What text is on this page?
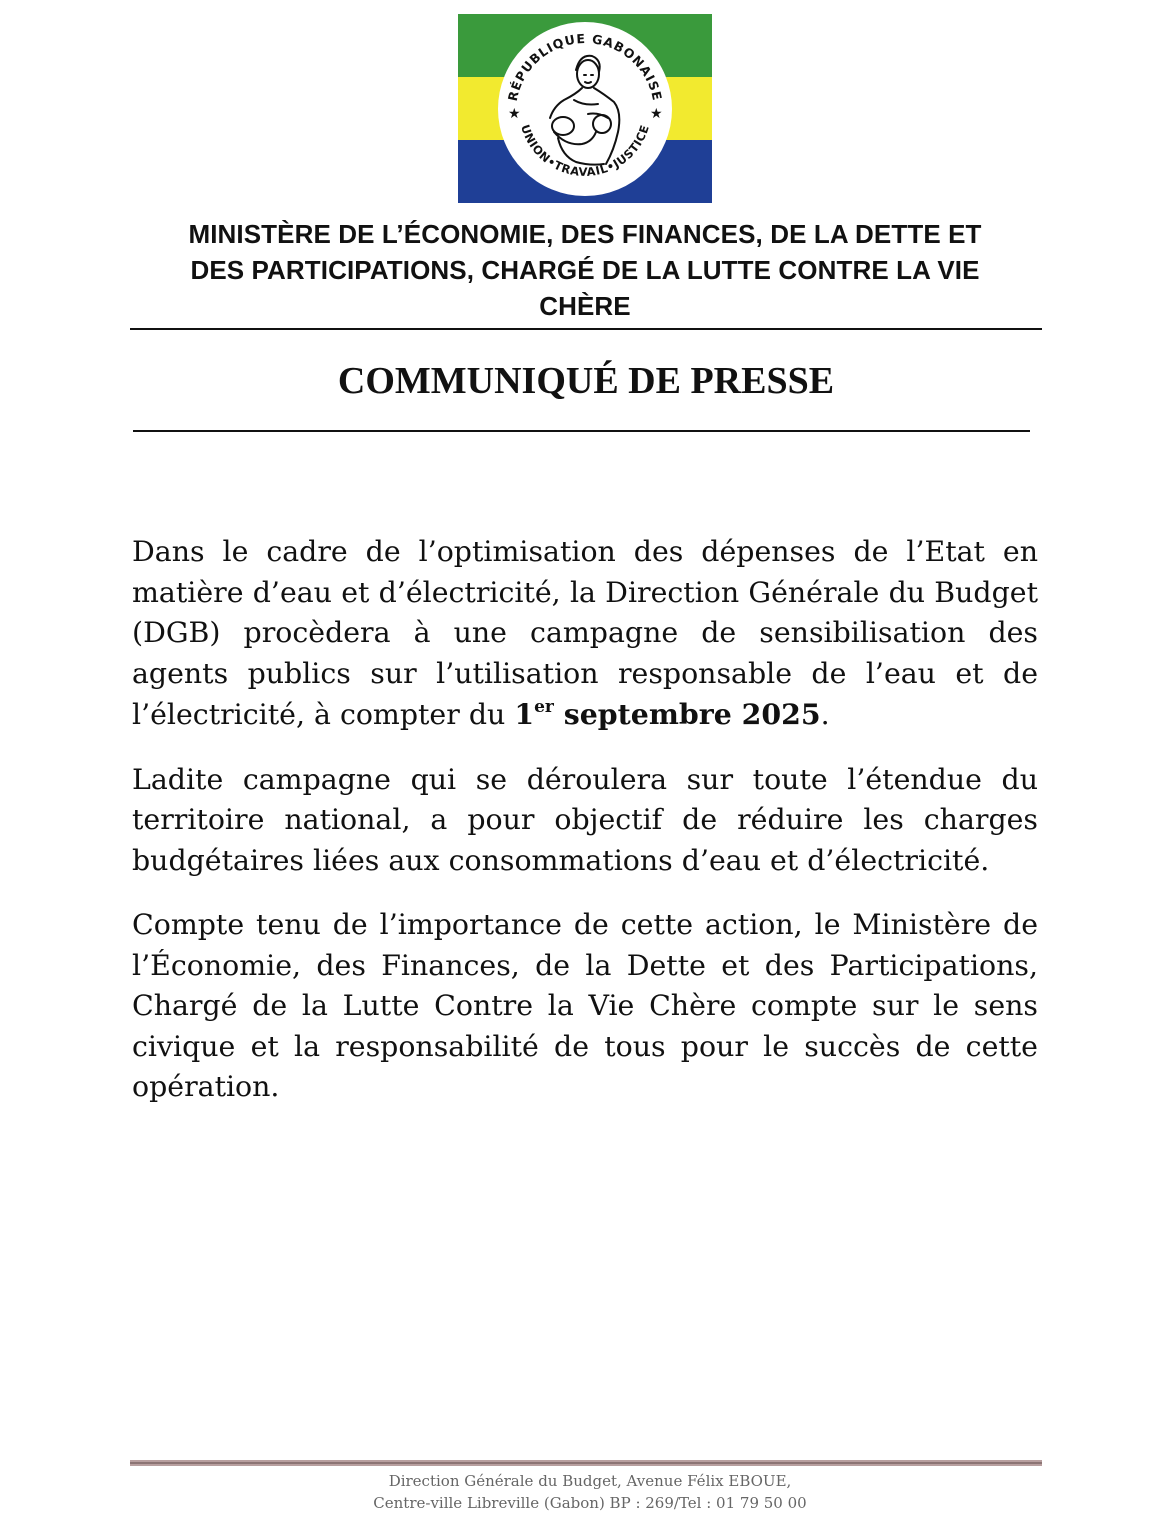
RÉPUBLIQUE GABONAISE
UNION•TRAVAIL•JUSTICE
★	★
MINISTÈRE DE L’ÉCONOMIE, DES FINANCES, DE LA DETTE ET
DES PARTICIPATIONS, CHARGÉ DE LA LUTTE CONTRE LA VIE
CHÈRE
COMMUNIQUÉ DE PRESSE

Dans le cadre de l’optimisation des dépenses de l’Etat en matière d’eau et d’électricité, la Direction Générale du Budget (DGB) procèdera à une campagne de sensibilisation des agents publics sur l’utilisation responsable de l’eau et de l’électricité, à compter du 1er septembre 2025.

Ladite campagne qui se déroulera sur toute l’étendue du territoire national, a pour objectif de réduire les charges budgétaires liées aux consommations d’eau et d’électricité.

Compte tenu de l’importance de cette action, le Ministère de l’Économie, des Finances, de la Dette et des Participations, Chargé de la Lutte Contre la Vie Chère compte sur le sens civique et la responsabilité de tous pour le succès de cette opération.

Direction Générale du Budget, Avenue Félix EBOUE,
Centre-ville Libreville (Gabon) BP : 269/Tel : 01 79 50 00
